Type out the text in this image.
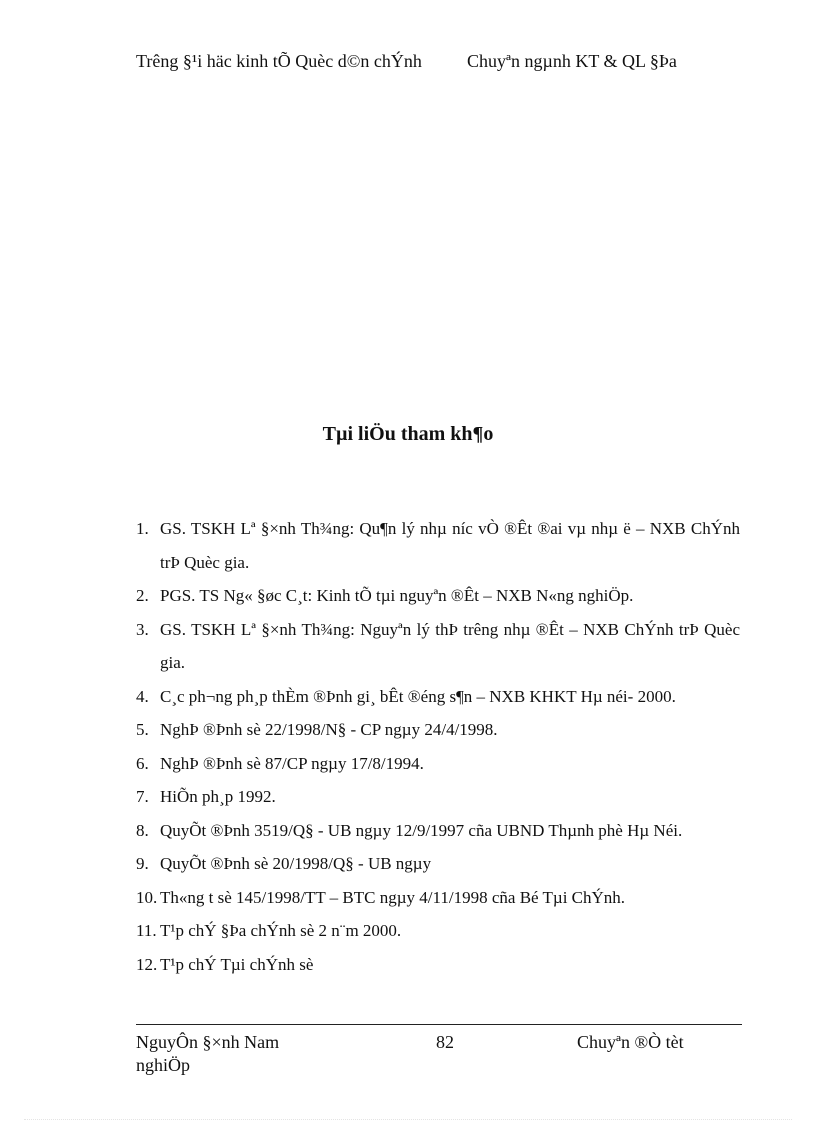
Trêng §¹i häc kinh tÕ Quèc d©n chÝnh	Chuyªn ngµnh KT & QL §Þa
Tµi liÖu tham kh¶o
1. GS. TSKH Lª §×nh Th¾ng: Qu¶n lý nhµ níc vÒ ®Êt ®ai vµ nhµ ë – NXB ChÝnh trÞ Quèc gia.
2. PGS. TS Ng« §øc C¸t: Kinh tÕ tµi nguyªn ®Êt – NXB N«ng nghiÖp.
3. GS. TSKH Lª §×nh Th¾ng: Nguyªn lý thÞ trêng nhµ ®Êt – NXB ChÝnh trÞ Quèc gia.
4. C¸c ph¬ng ph¸p thÈm ®Þnh gi¸ bÊt ®éng s¶n – NXB KHKT Hµ néi- 2000.
5. NghÞ ®Þnh sè 22/1998/N§ - CP ngµy 24/4/1998.
6. NghÞ ®Þnh sè 87/CP ngµy 17/8/1994.
7. HiÕn ph¸p 1992.
8. QuyÕt ®Þnh 3519/Q§ - UB ngµy 12/9/1997 cña UBND Thµnh phè Hµ Néi.
9. QuyÕt ®Þnh sè 20/1998/Q§ - UB ngµy
10. Th«ng t sè 145/1998/TT – BTC ngµy 4/11/1998 cña Bé Tµi ChÝnh.
11. T¹p chÝ §Þa chÝnh sè 2 n¨m 2000.
12. T¹p chÝ Tµi chÝnh sè
NguyÔn §×nh Nam nghiÖp
82	Chuyªn ®Ò tèt
